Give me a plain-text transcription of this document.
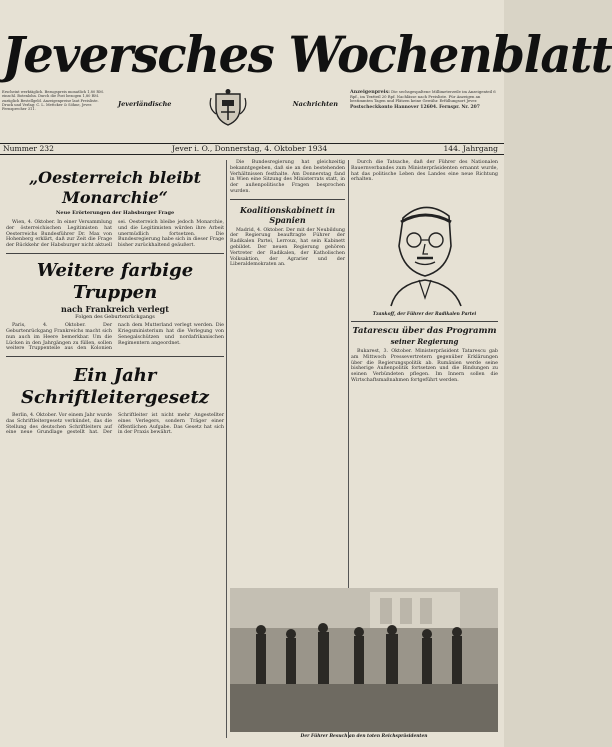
Jeversches Wochenblatt
Erscheint werktäglich. Bezugspreis monatlich 1,80 RM. einschl. Botenlohn. Durch die Post bezogen 1,80 RM. zuzüglich Bestellgeld. Anzeigenpreise laut Preisliste. Druck und Verlag: C. L. Mettcker & Söhne, Jever. Fernsprecher 311.
Jeverländische	Nachrichten
Anzeigenpreis: Die sechsgespaltene Millimeterzeile im Anzeigenteil 6 Rpf., im Textteil 20 Rpf. Nachlässe nach Preisliste. Für Anzeigen an bestimmten Tagen und Plätzen keine Gewähr. Erfüllungsort Jever.
Postscheckkonto Hannover 12604. Fernspr. Nr. 207
Nummer 232	Jever i. O., Donnerstag, 4. Oktober 1934	144. Jahrgang
„Oesterreich bleibt Monarchie“
Neue Erörterungen der Habsburger Frage

Wien, 4. Oktober. In einer Versammlung der österreichischen Legitimisten hat Oesterreichs Bundesführer Dr. Max von Hohenberg erklärt, daß zur Zeit die Frage der Rückkehr der Habsburger nicht aktuell sei. Oesterreich bleibe jedoch Monarchie, und die Legitimisten würden ihre Arbeit unermüdlich fortsetzen. Die Bundesregierung habe sich in dieser Frage bisher zurückhaltend geäußert.

Weitere farbige Truppen
nach Frankreich verlegt
Folgen des Geburtenrückgangs

Paris, 4. Oktober. Der Geburtenrückgang Frankreichs macht sich nun auch im Heere bemerkbar. Um die Lücken in den Jahrgängen zu füllen, sollen weitere Truppenteile aus den Kolonien nach dem Mutterland verlegt werden. Die Kriegsministerium hat die Verlegung von Senegalschützen und nordafrikanischen Regimentern angeordnet.

Ein Jahr Schriftleitergesetz

Berlin, 4. Oktober. Vor einem Jahr wurde das Schriftleitergesetz verkündet, das die Stellung des deutschen Schriftleiters auf eine neue Grundlage gestellt hat. Der Schriftleiter ist nicht mehr Angestellter eines Verlegers, sondern Träger einer öffentlichen Aufgabe. Das Gesetz hat sich in der Praxis bewährt.

Die Bundesregierung hat gleichzeitig bekanntgegeben, daß sie an den bestehenden Verhältnissen festhalte. Am Donnerstag fand in Wien eine Sitzung des Ministerrats statt, in der außenpolitische Fragen besprochen wurden.

Koalitionskabinett in Spanien

Madrid, 4. Oktober. Der mit der Neubildung der Regierung beauftragte Führer der Radikalen Partei, Lerroux, hat sein Kabinett gebildet. Der neuen Regierung gehören Vertreter der Radikalen, der Katholischen Volksaktion, der Agrarier und der Liberaldemokraten an.

Durch die Tatsache, daß der Führer des Nationalen Bauernverbandes zum Ministerpräsidenten ernannt wurde, hat das politische Leben des Landes eine neue Richtung erhalten.

Tzankoff, der Führer der Radikalen Partei
Tatarescu über das Programm
seiner Regierung

Bukarest, 3. Oktober. Ministerpräsident Tatarescu gab am Mittwoch Pressevertretern gegenüber Erklärungen über die Regierungspolitik ab. Rumänien werde seine bisherige Außenpolitik fortsetzen und die Bindungen zu seinen Verbündeten pflegen. Im Innern sollen die Wirtschaftsmaßnahmen fortgeführt werden.

Der Führer Besuch an den toten Reichspräsidenten
